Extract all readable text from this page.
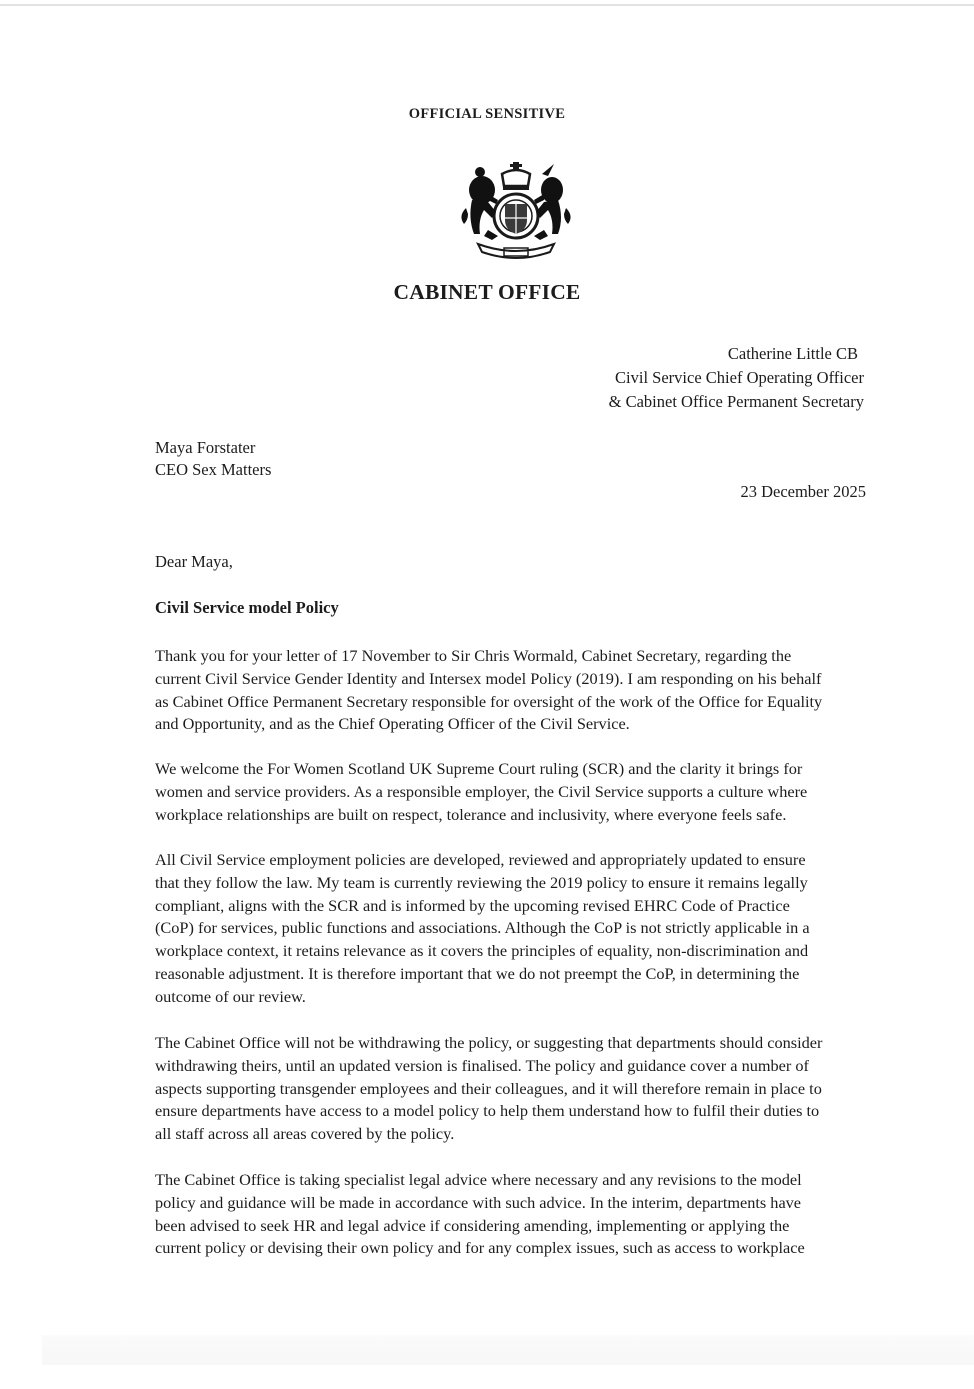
OFFICIAL SENSITIVE
CABINET OFFICE
Catherine Little CB
Civil Service Chief Operating Officer
& Cabinet Office Permanent Secretary
Maya Forstater
CEO Sex Matters
23 December 2025
Dear Maya,
Civil Service model Policy
Thank you for your letter of 17 November to Sir Chris Wormald, Cabinet Secretary, regarding the
current Civil Service Gender Identity and Intersex model Policy (2019). I am responding on his behalf
as Cabinet Office Permanent Secretary responsible for oversight of the work of the Office for Equality
and Opportunity, and as the Chief Operating Officer of the Civil Service.
We welcome the For Women Scotland UK Supreme Court ruling (SCR) and the clarity it brings for
women and service providers. As a responsible employer, the Civil Service supports a culture where
workplace relationships are built on respect, tolerance and inclusivity, where everyone feels safe.
All Civil Service employment policies are developed, reviewed and appropriately updated to ensure
that they follow the law. My team is currently reviewing the 2019 policy to ensure it remains legally
compliant, aligns with the SCR and is informed by the upcoming revised EHRC Code of Practice
(CoP) for services, public functions and associations. Although the CoP is not strictly applicable in a
workplace context, it retains relevance as it covers the principles of equality, non-discrimination and
reasonable adjustment. It is therefore important that we do not preempt the CoP, in determining the
outcome of our review.
The Cabinet Office will not be withdrawing the policy, or suggesting that departments should consider
withdrawing theirs, until an updated version is finalised. The policy and guidance cover a number of
aspects supporting transgender employees and their colleagues, and it will therefore remain in place to
ensure departments have access to a model policy to help them understand how to fulfil their duties to
all staff across all areas covered by the policy.
The Cabinet Office is taking specialist legal advice where necessary and any revisions to the model
policy and guidance will be made in accordance with such advice. In the interim, departments have
been advised to seek HR and legal advice if considering amending, implementing or applying the
current policy or devising their own policy and for any complex issues, such as access to workplace
